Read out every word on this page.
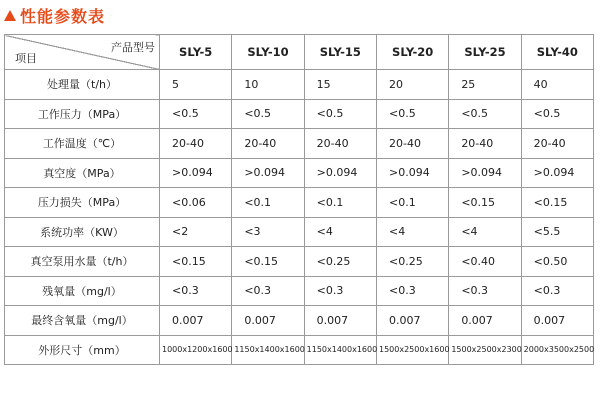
性能参数表
产品型号
项目	SLY-5	SLY-10	SLY-15	SLY-20	SLY-25	SLY-40
处理量（t/h）	5	10	15	20	25	40
工作压力（MPa）	<0.5	<0.5	<0.5	<0.5	<0.5	<0.5
工作温度（℃）	20-40	20-40	20-40	20-40	20-40	20-40
真空度（MPa）	>0.094	>0.094	>0.094	>0.094	>0.094	>0.094
压力损失（MPa）	<0.06	<0.1	<0.1	<0.1	<0.15	<0.15
系统功率（KW）	<2	<3	<4	<4	<4	<5.5
真空泵用水量（t/h）	<0.15	<0.15	<0.25	<0.25	<0.40	<0.50
残氧量（mg/l）	<0.3	<0.3	<0.3	<0.3	<0.3	<0.3
最终含氧量（mg/l）	0.007	0.007	0.007	0.007	0.007	0.007
外形尺寸（mm）	1000x1200x1600	1150x1400x1600	1150x1400x1600	1500x2500x1600	1500x2500x2300	2000x3500x2500
